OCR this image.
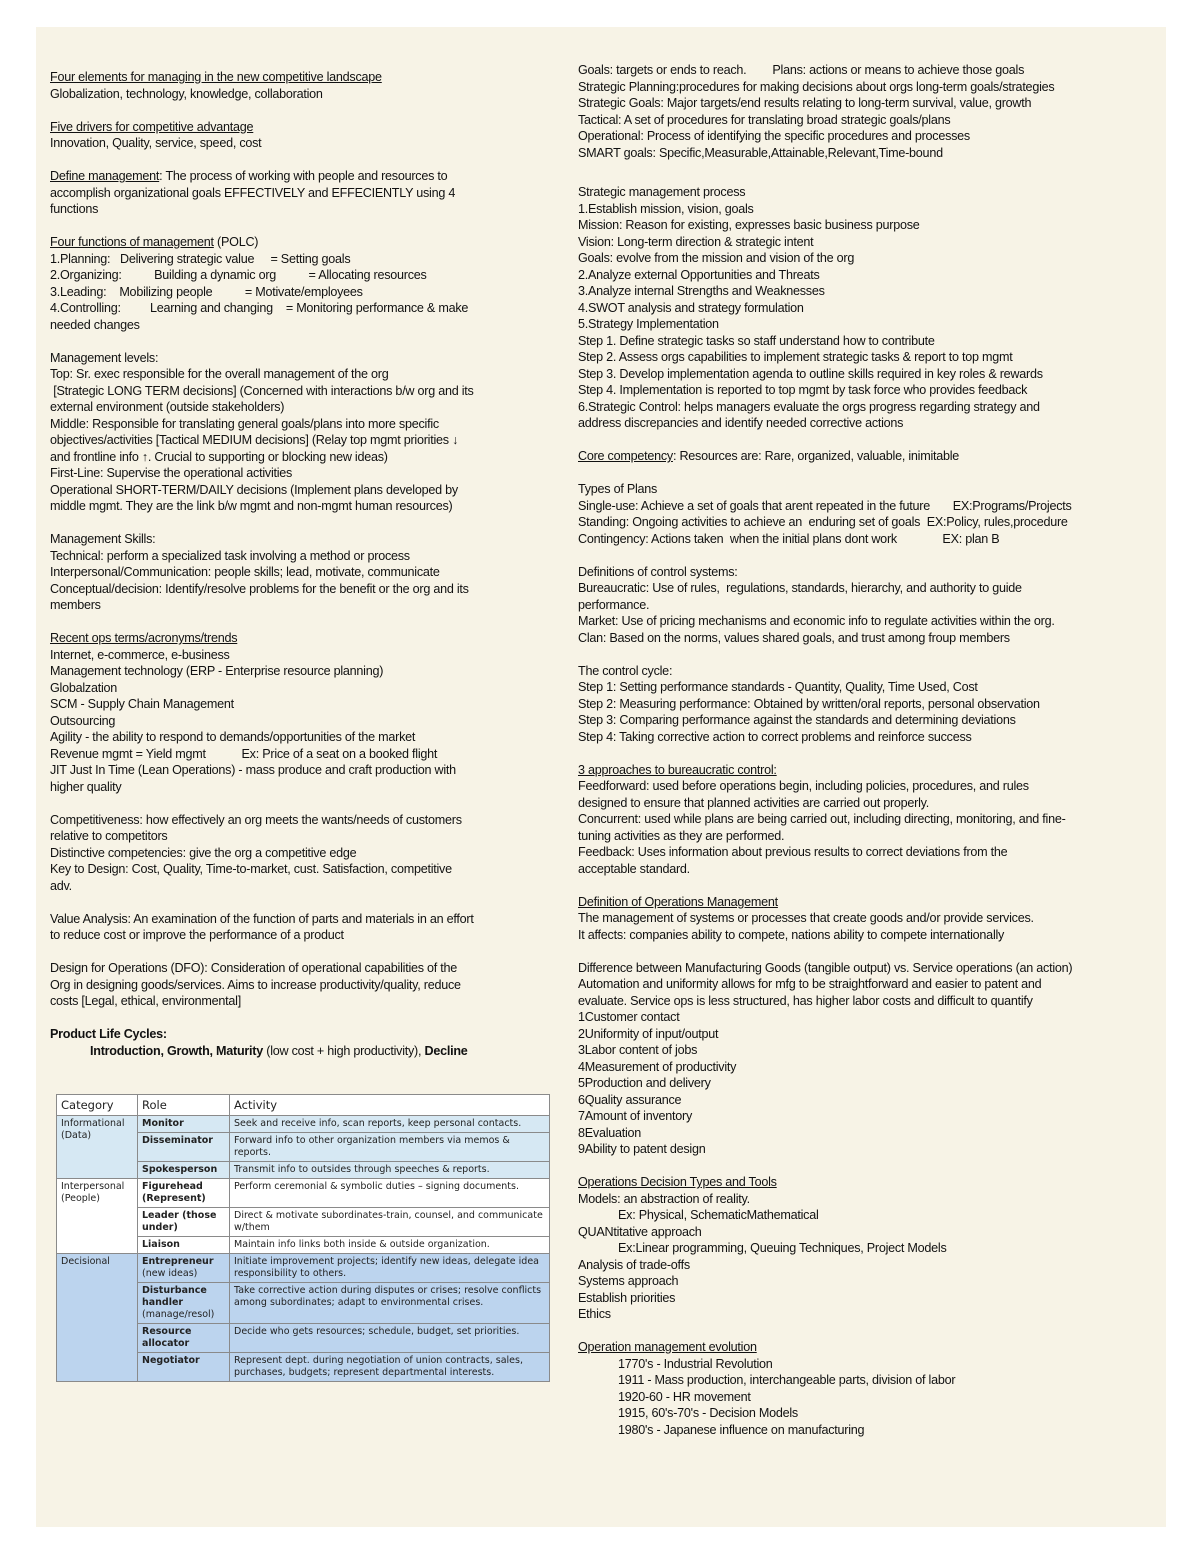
Four elements for managing in the new competitive landscape
Globalization, technology, knowledge, collaboration
Five drivers for competitive advantage
Innovation, Quality, service, speed, cost
Define management: The process of working with people and resources to
accomplish organizational goals EFFECTIVELY and EFFECIENTLY using 4
functions
Four functions of management (POLC)
1.Planning:   Delivering strategic value     = Setting goals
2.Organizing:          Building a dynamic org          = Allocating resources
3.Leading:    Mobilizing people          = Motivate/employees
4.Controlling:         Learning and changing    = Monitoring performance & make
needed changes
Management levels:
Top: Sr. exec responsible for the overall management of the org
[Strategic LONG TERM decisions] (Concerned with interactions b/w org and its
external environment (outside stakeholders)
Middle: Responsible for translating general goals/plans into more specific
objectives/activities [Tactical MEDIUM decisions] (Relay top mgmt priorities ↓
and frontline info ↑. Crucial to supporting or blocking new ideas)
First-Line: Supervise the operational activities
Operational SHORT-TERM/DAILY decisions (Implement plans developed by
middle mgmt. They are the link b/w mgmt and non-mgmt human resources)
Management Skills:
Technical: perform a specialized task involving a method or process
Interpersonal/Communication: people skills; lead, motivate, communicate
Conceptual/decision: Identify/resolve problems for the benefit or the org and its
members
Recent ops terms/acronyms/trends
Internet, e-commerce, e-business
Management technology (ERP - Enterprise resource planning)
Globalzation
SCM - Supply Chain Management
Outsourcing
Agility - the ability to respond to demands/opportunities of the market
Revenue mgmt = Yield mgmt           Ex: Price of a seat on a booked flight
JIT Just In Time (Lean Operations) - mass produce and craft production with
higher quality
Competitiveness: how effectively an org meets the wants/needs of customers
relative to competitors
Distinctive competencies: give the org a competitive edge
Key to Design: Cost, Quality, Time-to-market, cust. Satisfaction, competitive
adv.
Value Analysis: An examination of the function of parts and materials in an effort
to reduce cost or improve the performance of a product
Design for Operations (DFO): Consideration of operational capabilities of the
Org in designing goods/services. Aims to increase productivity/quality, reduce
costs [Legal, ethical, environmental]
Product Life Cycles:
Introduction, Growth, Maturity (low cost + high productivity), Decline
Category	Role	Activity
Informational (Data)	Monitor	Seek and receive info, scan reports, keep personal contacts.

	Disseminator	Forward info to other organization members via memos & reports.

	Spokesperson	Transmit info to outsides through speeches & reports.
Interpersonal (People)	Figurehead (Represent)	Perform ceremonial & symbolic duties – signing documents.

	Leader (those under)	Direct & motivate subordinates-train, counsel, and communicate w/them

	Liaison	Maintain info links both inside & outside organization.
Decisional	Entrepreneur
(new ideas)	Initiate improvement projects; identify new ideas, delegate idea responsibility to others.

	Disturbance handler
(manage/resol)	Take corrective action during disputes or crises; resolve conflicts among subordinates; adapt to environmental crises.

	Resource allocator	Decide who gets resources; schedule, budget, set priorities.

	Negotiator	Represent dept. during negotiation of union contracts, sales, purchases, budgets; represent departmental interests.
Goals: targets or ends to reach.        Plans: actions or means to achieve those goals
Strategic Planning:procedures for making decisions about orgs long-term goals/strategies
Strategic Goals: Major targets/end results relating to long-term survival, value, growth
Tactical: A set of procedures for translating broad strategic goals/plans
Operational: Process of identifying the specific procedures and processes
SMART goals: Specific,Measurable,Attainable,Relevant,Time-bound
Strategic management process
1.Establish mission, vision, goals
Mission: Reason for existing, expresses basic business purpose
Vision: Long-term direction & strategic intent
Goals: evolve from the mission and vision of the org
2.Analyze external Opportunities and Threats
3.Analyze internal Strengths and Weaknesses
4.SWOT analysis and strategy formulation
5.Strategy Implementation
Step 1. Define strategic tasks so staff understand how to contribute
Step 2. Assess orgs capabilities to implement strategic tasks & report to top mgmt
Step 3. Develop implementation agenda to outline skills required in key roles & rewards
Step 4. Implementation is reported to top mgmt by task force who provides feedback
6.Strategic Control: helps managers evaluate the orgs progress regarding strategy and
address discrepancies and identify needed corrective actions
Core competency: Resources are: Rare, organized, valuable, inimitable
Types of Plans
Single-use: Achieve a set of goals that arent repeated in the future       EX:Programs/Projects
Standing: Ongoing activities to achieve an  enduring set of goals  EX:Policy, rules,procedure
Contingency: Actions taken  when the initial plans dont work              EX: plan B
Definitions of control systems:
Bureaucratic: Use of rules,  regulations, standards, hierarchy, and authority to guide
performance.
Market: Use of pricing mechanisms and economic info to regulate activities within the org.
Clan: Based on the norms, values shared goals, and trust among froup members
The control cycle:
Step 1: Setting performance standards - Quantity, Quality, Time Used, Cost
Step 2: Measuring performance: Obtained by written/oral reports, personal observation
Step 3: Comparing performance against the standards and determining deviations
Step 4: Taking corrective action to correct problems and reinforce success
3 approaches to bureaucratic control:
Feedforward: used before operations begin, including policies, procedures, and rules
designed to ensure that planned activities are carried out properly.
Concurrent: used while plans are being carried out, including directing, monitoring, and fine-
tuning activities as they are performed.
Feedback: Uses information about previous results to correct deviations from the
acceptable standard.
Definition of Operations Management
The management of systems or processes that create goods and/or provide services.
It affects: companies ability to compete, nations ability to compete internationally
Difference between Manufacturing Goods (tangible output) vs. Service operations (an action)
Automation and uniformity allows for mfg to be straightforward and easier to patent and
evaluate. Service ops is less structured, has higher labor costs and difficult to quantify
1Customer contact
2Uniformity of input/output
3Labor content of jobs
4Measurement of productivity
5Production and delivery
6Quality assurance
7Amount of inventory
8Evaluation
9Ability to patent design
Operations Decision Types and Tools
Models: an abstraction of reality.
Ex: Physical, SchematicMathematical
QUANtitative approach
Ex:Linear programming, Queuing Techniques, Project Models
Analysis of trade-offs
Systems approach
Establish priorities
Ethics
Operation management evolution
1770's - Industrial Revolution
1911 - Mass production, interchangeable parts, division of labor
1920-60 - HR movement
1915, 60's-70's - Decision Models
1980's - Japanese influence on manufacturing
